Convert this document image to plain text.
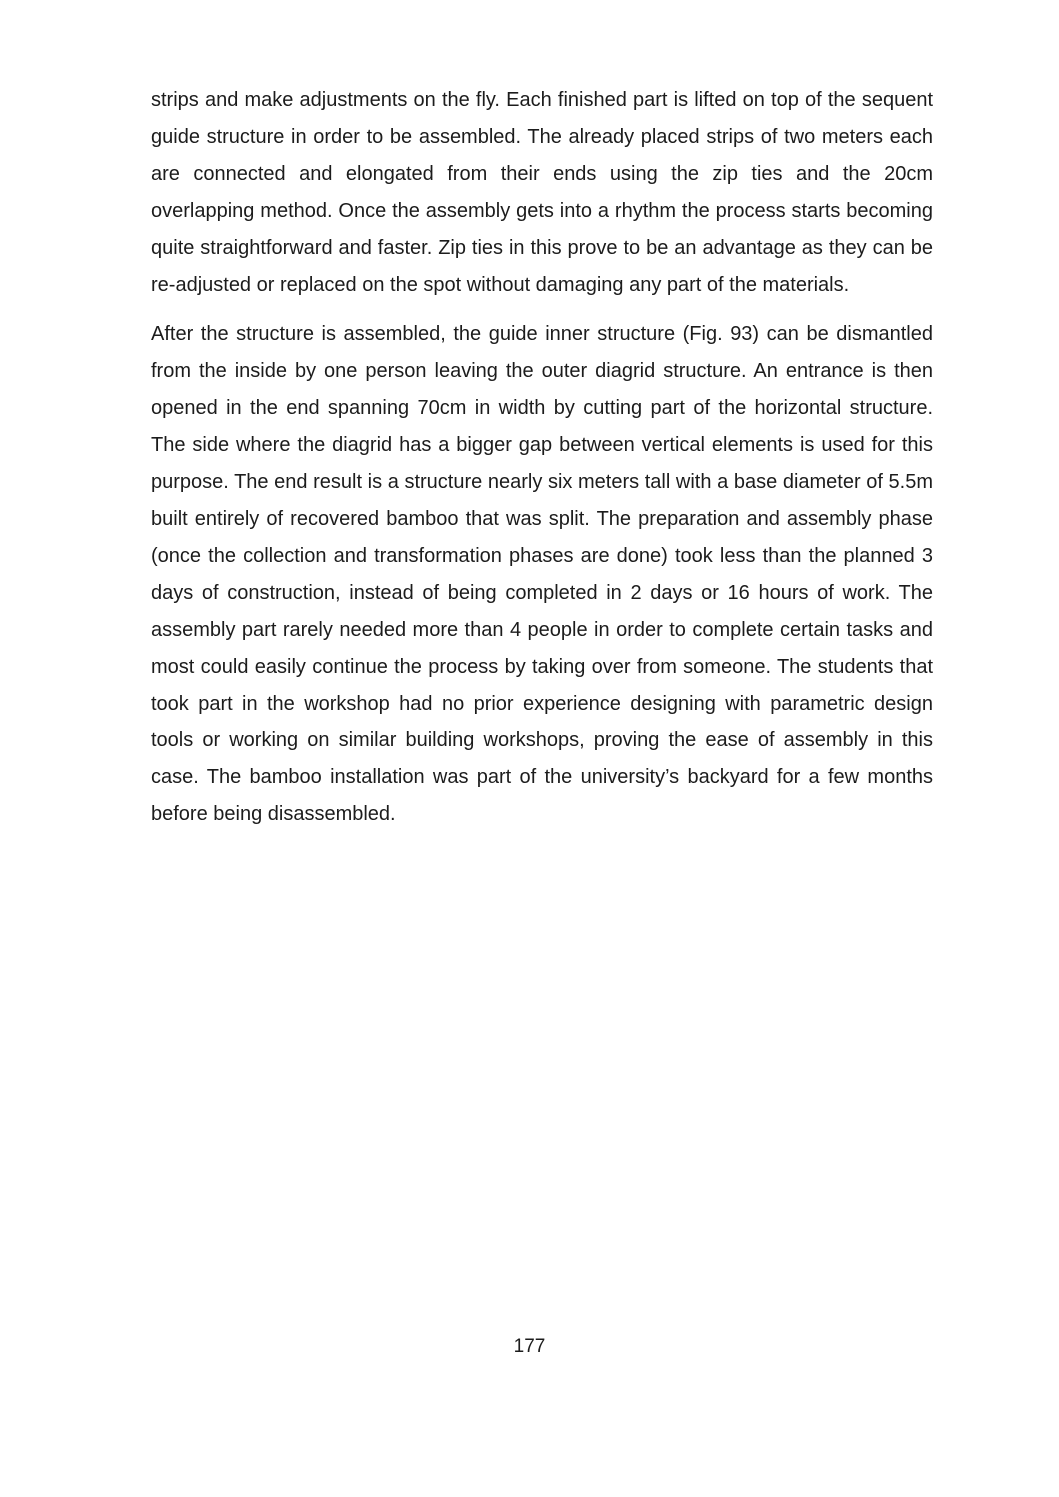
strips and make adjustments on the fly. Each finished part is lifted on top of the sequent guide structure in order to be assembled. The already placed strips of two meters each are connected and elongated from their ends using the zip ties and the 20cm overlapping method. Once the assembly gets into a rhythm the process starts becoming quite straightforward and faster. Zip ties in this prove to be an advantage as they can be re-adjusted or replaced on the spot without damaging any part of the materials.

After the structure is assembled, the guide inner structure (Fig. 93) can be dismantled from the inside by one person leaving the outer diagrid structure. An entrance is then opened in the end spanning 70cm in width by cutting part of the horizontal structure. The side where the diagrid has a bigger gap between vertical elements is used for this purpose. The end result is a structure nearly six meters tall with a base diameter of 5.5m built entirely of recovered bamboo that was split. The preparation and assembly phase (once the collection and transformation phases are done) took less than the planned 3 days of construction, instead of being completed in 2 days or 16 hours of work. The assembly part rarely needed more than 4 people in order to complete certain tasks and most could easily continue the process by taking over from someone. The students that took part in the workshop had no prior experience designing with parametric design tools or working on similar building workshops, proving the ease of assembly in this case. The bamboo installation was part of the university’s backyard for a few months before being disassembled.

177
